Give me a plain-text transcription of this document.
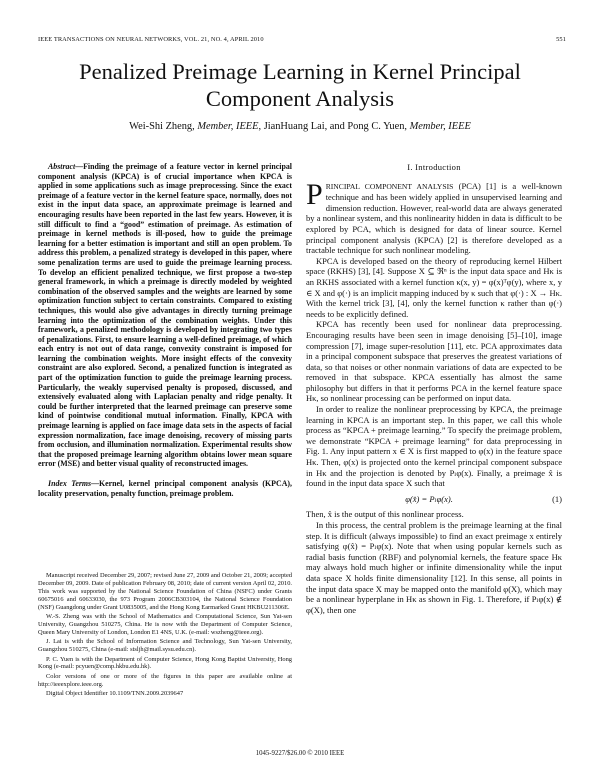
IEEE TRANSACTIONS ON NEURAL NETWORKS, VOL. 21, NO. 4, APRIL 2010	551
Penalized Preimage Learning in Kernel Principal
Component Analysis
Wei-Shi Zheng, Member, IEEE, JianHuang Lai, and Pong C. Yuen, Member, IEEE

Abstract—Finding the preimage of a feature vector in kernel principal component analysis (KPCA) is of crucial importance when KPCA is applied in some applications such as image preprocessing. Since the exact preimage of a feature vector in the kernel feature space, normally, does not exist in the input data space, an approximate preimage is learned and encouraging results have been reported in the last few years. However, it is still difficult to find a “good” estimation of preimage. As estimation of preimage in kernel methods is ill-posed, how to guide the preimage learning for a better estimation is important and still an open problem. To address this problem, a penalized strategy is developed in this paper, where some penalization terms are used to guide the preimage learning process. To develop an efficient penalized technique, we first propose a two-step general framework, in which a preimage is directly modeled by weighted combination of the observed samples and the weights are learned by some optimization function subject to certain constraints. Compared to existing techniques, this would also give advantages in directly turning preimage learning into the optimization of the combination weights. Under this framework, a penalized methodology is developed by integrating two types of penalizations. First, to ensure learning a well-defined preimage, of which each entry is not out of data range, convexity constraint is imposed for learning the combination weights. More insight effects of the convexity constraint are also explored. Second, a penalized function is integrated as part of the optimization function to guide the preimage learning process. Particularly, the weakly supervised penalty is proposed, discussed, and extensively evaluated along with Laplacian penalty and ridge penalty. It could be further interpreted that the learned preimage can preserve some kind of pointwise conditional mutual information. Finally, KPCA with preimage learning is applied on face image data sets in the aspects of facial expression normalization, face image denoising, recovery of missing parts from occlusion, and illumination normalization. Experimental results show that the proposed preimage learning algorithm obtains lower mean square error (MSE) and better visual quality of reconstructed images.

Index Terms—Kernel, kernel principal component analysis (KPCA), locality preservation, penalty function, preimage problem.

Manuscript received December 29, 2007; revised June 27, 2009 and October 21, 2009; accepted December 09, 2009. Date of publication February 08, 2010; date of current version April 02, 2010. This work was supported by the National Science Foundation of China (NSFC) under Grants 60675016 and 60633030, the 973 Program 2006CB303104, the National Science Foundation (NSF) Guangdong under Grant U0835005, and the Hong Kong Earmarked Grant HKBU211306E.

W.-S. Zheng was with the School of Mathematics and Computational Science, Sun Yat-sen University, Guangzhou 510275, China. He is now with the Department of Computer Science, Queen Mary University of London, London E1 4NS, U.K. (e-mail: wszheng@ieee.org).

J. Lai is with the School of Information Science and Technology, Sun Yat-sen University, Guangzhou 510275, China (e-mail: stsljh@mail.sysu.edu.cn).

P. C. Yuen is with the Department of Computer Science, Hong Kong Baptist University, Hong Kong (e-mail: pcyuen@comp.hkbu.edu.hk).

Color versions of one or more of the figures in this paper are available online at http://ieeexplore.ieee.org.

Digital Object Identifier 10.1109/TNN.2009.2039647

I. Introduction

PRINCIPAL COMPONENT ANALYSIS (PCA) [1] is a well-known technique and has been widely applied in unsupervised learning and dimension reduction. However, real-world data are always generated by a nonlinear system, and this nonlinearity hidden in data is difficult to be explored by PCA, which is designed for data of linear source. Kernel principal component analysis (KPCA) [2] is therefore developed as a tractable technique for such nonlinear modeling.

KPCA is developed based on the theory of reproducing kernel Hilbert space (RKHS) [3], [4]. Suppose X ⊆ ℜⁿ is the input data space and Hκ is an RKHS associated with a kernel function κ(x, y) = φ(x)ᵀφ(y), where x, y ∈ X and φ(·) is an implicit mapping induced by κ such that φ(·) : X → Hκ. With the kernel trick [3], [4], only the kernel function κ rather than φ(·) needs to be explicitly defined.

KPCA has recently been used for nonlinear data preprocessing. Encouraging results have been seen in image denoising [5]–[10], image compression [7], image super-resolution [11], etc. PCA approximates data in a principal component subspace that preserves the greatest variations of data, so that noises or other nonmain variations of data are expected to be removed in that subspace. KPCA essentially has almost the same philosophy but differs in that it performs PCA in the kernel feature space Hκ, so nonlinear processing can be performed on input data.

In order to realize the nonlinear preprocessing by KPCA, the preimage learning in KPCA is an important step. In this paper, we call this whole process as “KPCA + preimage learning.” To specify the preimage problem, we demonstrate “KPCA + preimage learning” for data preprocessing in Fig. 1. Any input pattern x ∈ X is first mapped to φ(x) in the feature space Hκ. Then, φ(x) is projected onto the kernel principal component subspace in Hκ and the projection is denoted by Pₗφ(x). Finally, a preimage x̂ is found in the input data space X such that

φ(x̂) = Pₗφ(x).	(1)

Then, x̂ is the output of this nonlinear process.

In this process, the central problem is the preimage learning at the final step. It is difficult (always impossible) to find an exact preimage x entirely satisfying φ(x̂) = Pₗφ(x). Note that when using popular kernels such as radial basis function (RBF) and polynomial kernels, the feature space Hκ may always hold much higher or infinite dimensionality while the input data space X holds finite dimensionality [12]. In this sense, all points in the input data space X may be mapped onto the manifold φ(X), which may be a nonlinear hyperplane in Hκ as shown in Fig. 1. Therefore, if Pₗφ(x) ∉ φ(X), then one

1045-9227/$26.00 © 2010 IEEE
